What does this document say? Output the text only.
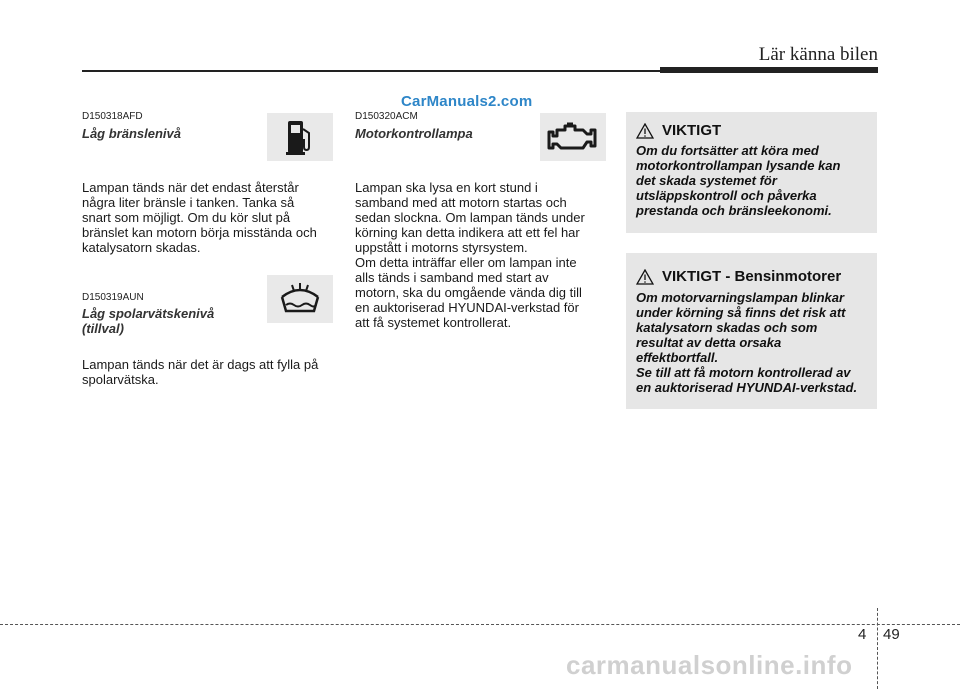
Lär känna bilen
CarManuals2.com
D150318AFD
Låg bränslenivå
Lampan tänds när det endast återstår
några liter bränsle i tanken. Tanka så
snart som möjligt. Om du kör slut på
bränslet kan motorn börja misstända och
katalysatorn skadas.
D150319AUN
Låg spolarvätskenivå
(tillval)
Lampan tänds när det är dags att fylla på
spolarvätska.
D150320ACM
Motorkontrollampa
Lampan ska lysa en kort stund i
samband med att motorn startas och
sedan slockna. Om lampan tänds under
körning kan detta indikera att ett fel har
uppstått i motorns styrsystem.
Om detta inträffar eller om lampan inte
alls tänds i samband med start av
motorn, ska du omgående vända dig till
en auktoriserad HYUNDAI-verkstad för
att få systemet kontrollerat.
VIKTIGT
Om du fortsätter att köra med
motorkontrollampan lysande kan
det skada systemet för
utsläppskontroll och påverka
prestanda och bränsleekonomi.
VIKTIGT - Bensinmotorer
Om motorvarningslampan blinkar
under körning så finns det risk att
katalysatorn skadas och som
resultat av detta orsaka
effektbortfall.
Se till att få motorn kontrollerad av
en auktoriserad HYUNDAI-verkstad.
4 49
carmanualsonline.info
